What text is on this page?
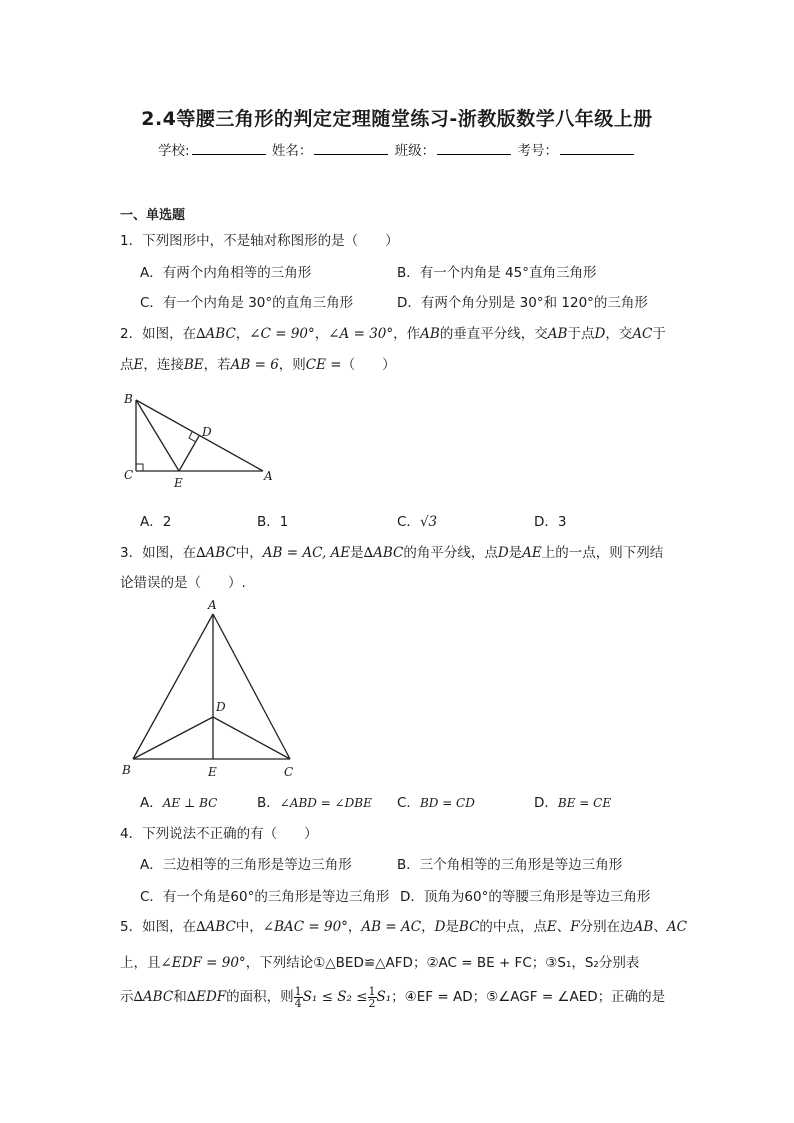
2.4等腰三角形的判定定理随堂练习-浙教版数学八年级上册
学校:	姓名：	班级：	考号：
一、单选题
1．下列图形中，不是轴对称图形的是（　　）
A．有两个内角相等的三角形	B．有一个内角是 45°直角三角形
C．有一个内角是 30°的直角三角形	D．有两个角分别是 30°和 120°的三角形
2．如图，在∆ABC，∠C = 90°，∠A = 30°，作AB的垂直平分线，交AB于点D，交AC于
点E，连接BE，若AB = 6，则CE =（　　）
B
C
D
E	A
A．2	B．1	C．√3	D．3
3．如图，在∆ABC中，AB = AC, AE是∆ABC的角平分线，点D是AE上的一点，则下列结
论错误的是（　　）.
A
D
B	E	C
A．AE ⊥ BC	B．∠ABD = ∠DBE C．BD = CD	D．BE = CE
4．下列说法不正确的有（　　）
A．三边相等的三角形是等边三角形	B．三个角相等的三角形是等边三角形
C．有一个角是60°的三角形是等边三角形 D．顶角为60°的等腰三角形是等边三角形
5．如图，在∆ABC中，∠BAC = 90°，AB = AC，D是BC的中点，点E、F分别在边AB、AC
上，且∠EDF = 90°，下列结论①△BED≌△AFD；②AC = BE + FC；③S₁，S₂分别表
示∆ABC和∆EDF的面积，则 $\frac{1}{4} S_1 \le S_2 \le \frac{1}{2} S_1$；④EF = AD；⑤∠AGF = ∠AED；正确的是
